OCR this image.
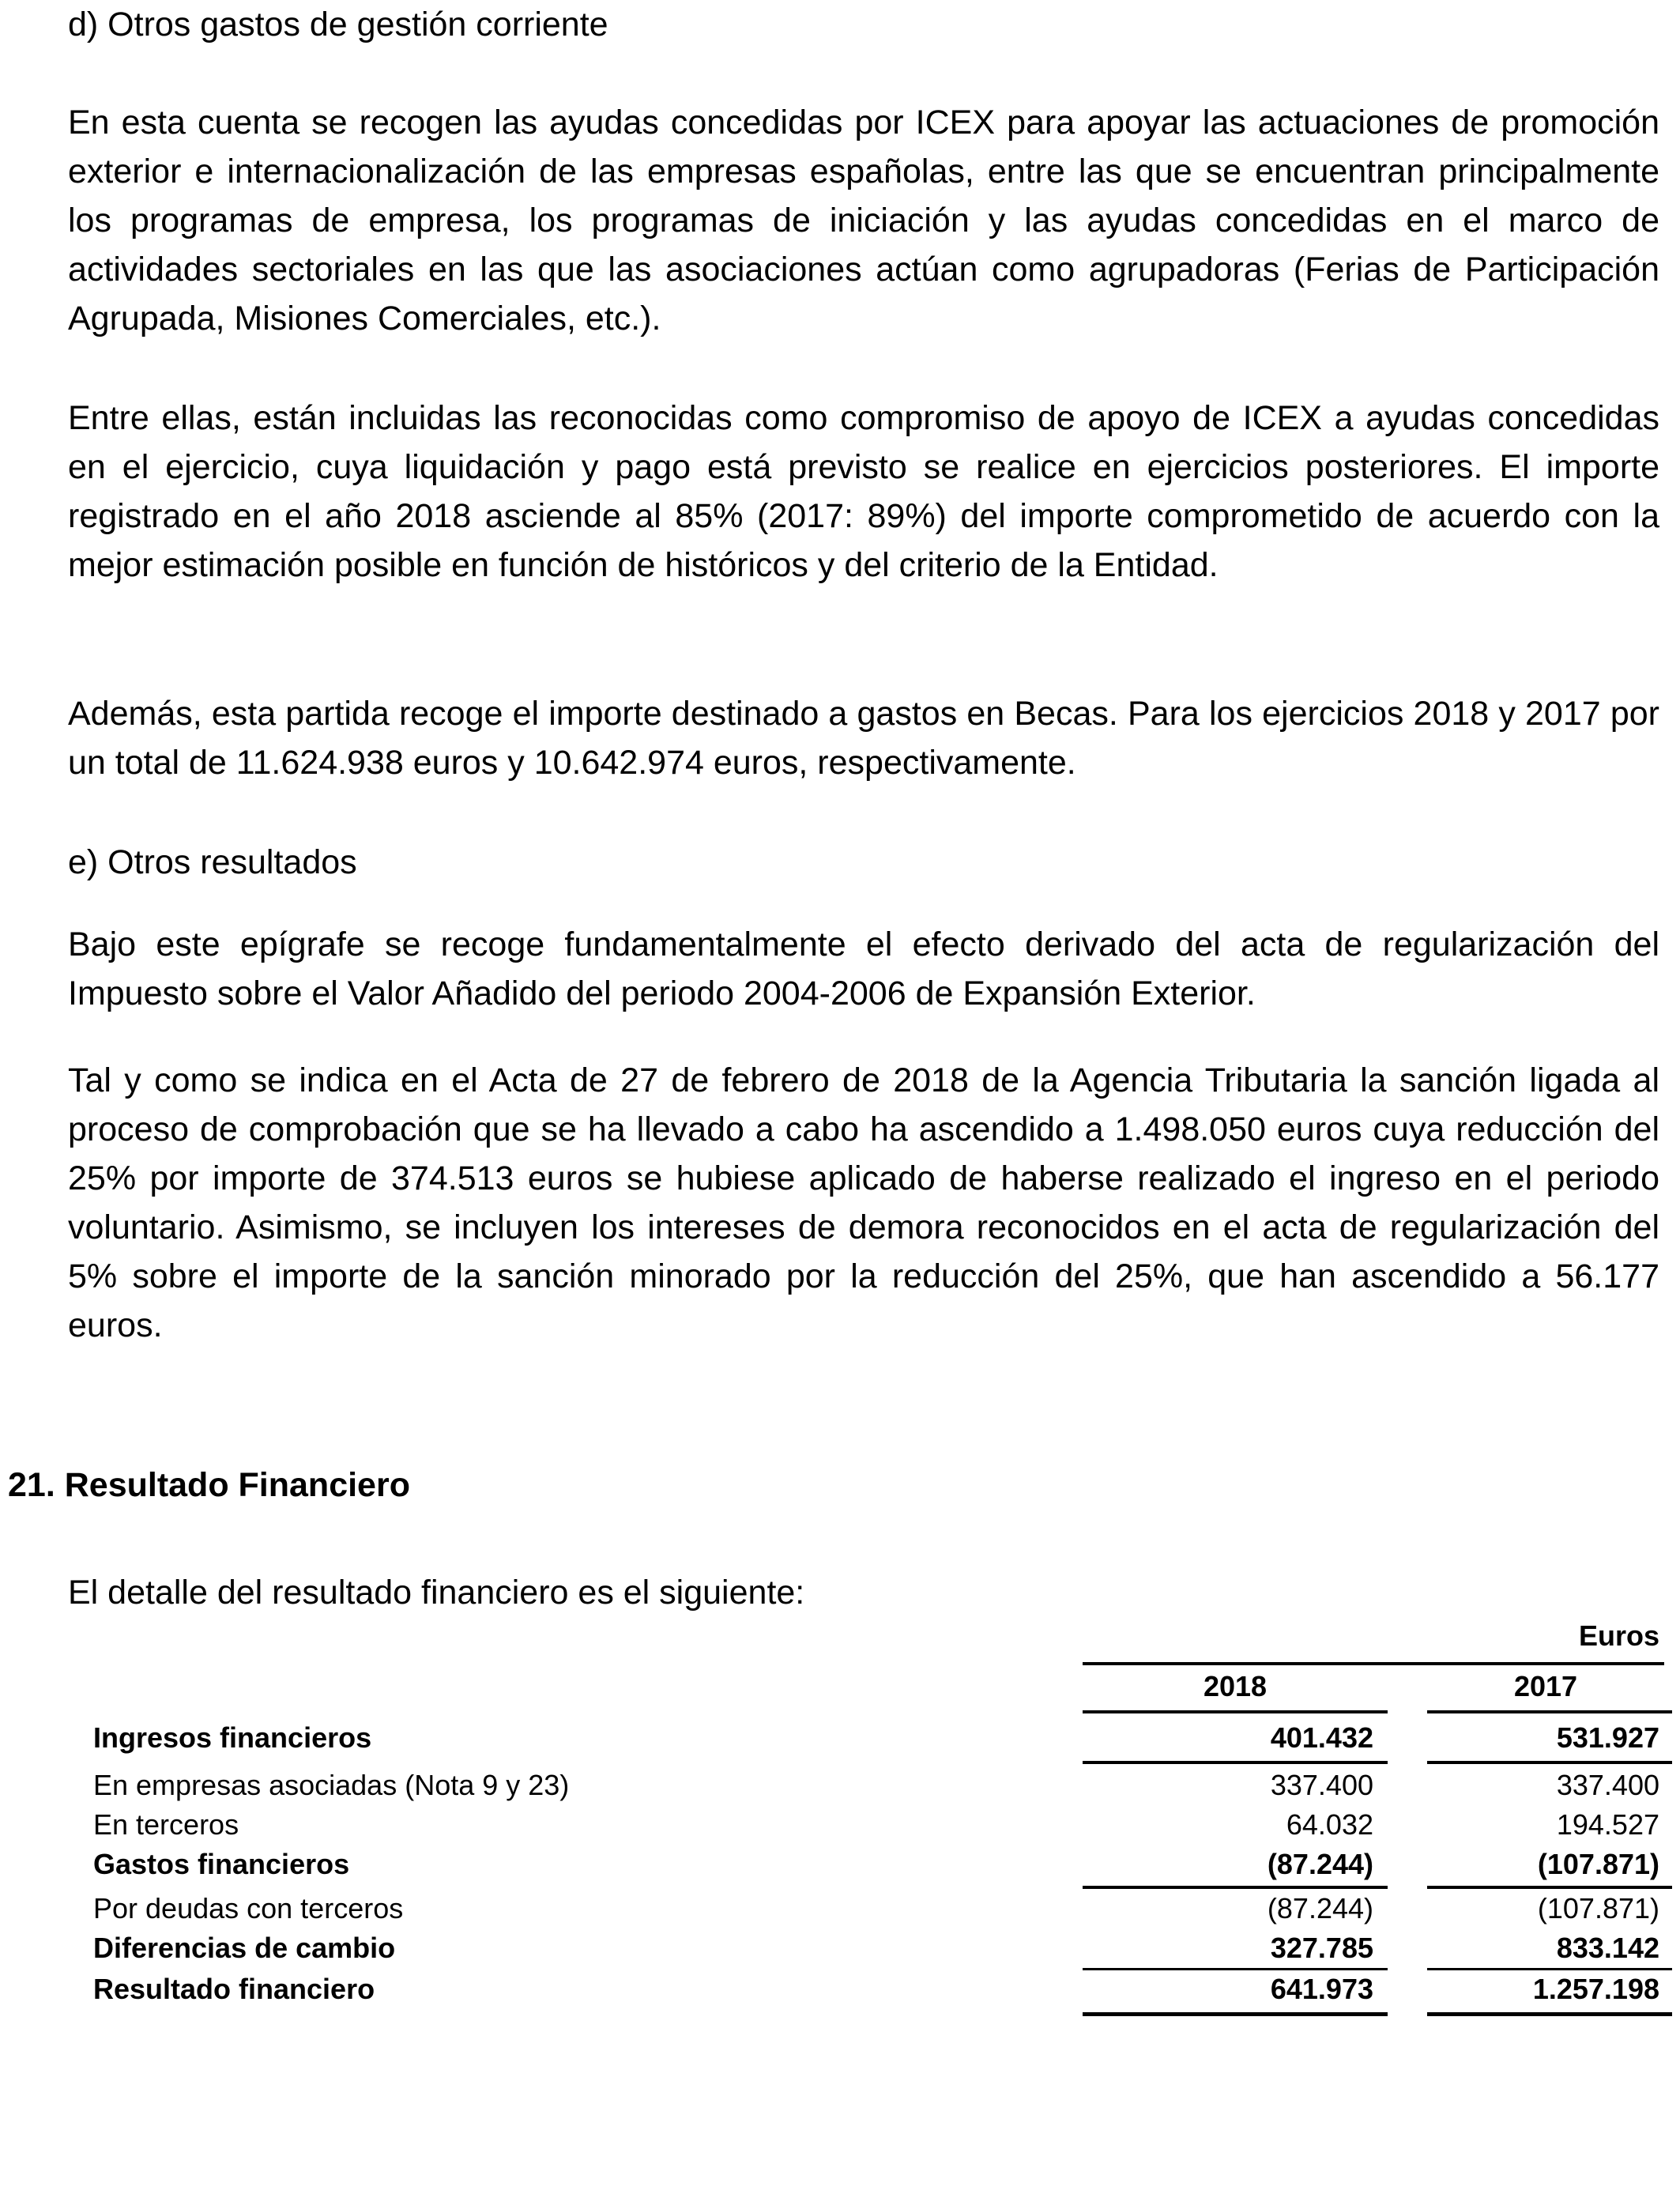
d) Otros gastos de gestión corriente
En esta cuenta se recogen las ayudas concedidas por ICEX para apoyar las actuaciones de promoción exterior e internacionalización de las empresas españolas, entre las que se encuentran principalmente los programas de empresa, los programas de iniciación y las ayudas concedidas en el marco de actividades sectoriales en las que las asociaciones actúan como agrupadoras (Ferias de Participación Agrupada, Misiones Comerciales, etc.).
Entre ellas, están incluidas las reconocidas como compromiso de apoyo de ICEX a ayudas concedidas en el ejercicio, cuya liquidación y pago está previsto se realice en ejercicios posteriores. El importe registrado en el año 2018 asciende al 85% (2017: 89%) del importe comprometido de acuerdo con la mejor estimación posible en función de históricos y del criterio de la Entidad.
Además, esta partida recoge el importe destinado a gastos en Becas. Para los ejercicios 2018 y 2017 por un total de 11.624.938 euros y 10.642.974 euros, respectivamente.
e) Otros resultados
Bajo este epígrafe se recoge fundamentalmente el efecto derivado del acta de regularización del Impuesto sobre el Valor Añadido del periodo 2004-2006 de Expansión Exterior.
Tal y como se indica en el Acta de 27 de febrero de 2018 de la Agencia Tributaria la sanción ligada al proceso de comprobación que se ha llevado a cabo ha ascendido a 1.498.050 euros cuya reducción del 25% por importe de 374.513 euros se hubiese aplicado de haberse realizado el ingreso en el periodo voluntario. Asimismo, se incluyen los intereses de demora reconocidos en el acta de regularización del 5% sobre el importe de la sanción minorado por la reducción del 25%, que han ascendido a 56.177 euros.
21. Resultado Financiero
El detalle del resultado financiero es el siguiente:
Euros
2018	2017
Ingresos financieros	401.432	531.927
En empresas asociadas (Nota 9 y 23)	337.400	337.400
En terceros	64.032	194.527
Gastos financieros	(87.244)	(107.871)
Por deudas con terceros	(87.244)	(107.871)
Diferencias de cambio	327.785	833.142
Resultado financiero	641.973	1.257.198
